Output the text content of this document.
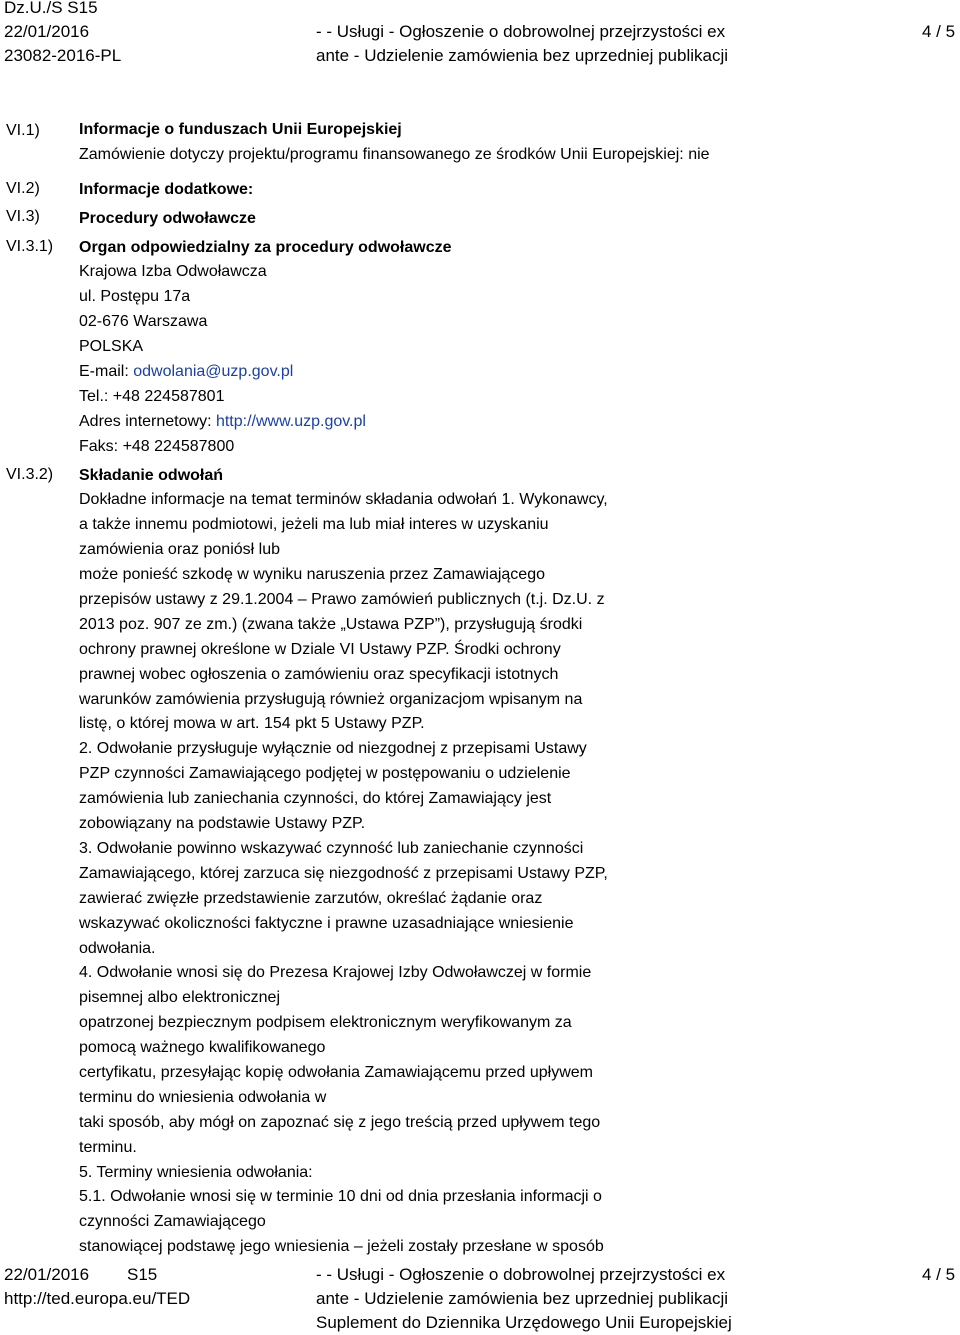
Dz.U./S S15
22/01/2016
23082-2016-PL
- - Usługi - Ogłoszenie o dobrowolnej przejrzystości ex
ante - Udzielenie zamówienia bez uprzedniej publikacji
4 / 5
VI.1)
VI.2)
VI.3)
VI.3.1)
VI.3.2)
Informacje o funduszach Unii Europejskiej
Zamówienie dotyczy projektu/programu finansowanego ze środków Unii Europejskiej: nie
Informacje dodatkowe:
Procedury odwoławcze
Organ odpowiedzialny za procedury odwoławcze
Krajowa Izba Odwoławcza
ul. Postępu 17a
02-676 Warszawa
POLSKA
E-mail: odwolania@uzp.gov.pl
Tel.: +48 224587801
Adres internetowy: http://www.uzp.gov.pl
Faks: +48 224587800
Składanie odwołań
Dokładne informacje na temat terminów składania odwołań 1. Wykonawcy,
a także innemu podmiotowi, jeżeli ma lub miał interes w uzyskaniu
zamówienia oraz poniósł lub
może ponieść szkodę w wyniku naruszenia przez Zamawiającego
przepisów ustawy z 29.1.2004 – Prawo zamówień publicznych (t.j. Dz.U. z
2013 poz. 907 ze zm.) (zwana także „Ustawa PZP”), przysługują środki
ochrony prawnej określone w Dziale VI Ustawy PZP. Środki ochrony
prawnej wobec ogłoszenia o zamówieniu oraz specyfikacji istotnych
warunków zamówienia przysługują również organizacjom wpisanym na
listę, o której mowa w art. 154 pkt 5 Ustawy PZP.
2. Odwołanie przysługuje wyłącznie od niezgodnej z przepisami Ustawy
PZP czynności Zamawiającego podjętej w postępowaniu o udzielenie
zamówienia lub zaniechania czynności, do której Zamawiający jest
zobowiązany na podstawie Ustawy PZP.
3. Odwołanie powinno wskazywać czynność lub zaniechanie czynności
Zamawiającego, której zarzuca się niezgodność z przepisami Ustawy PZP,
zawierać zwięzłe przedstawienie zarzutów, określać żądanie oraz
wskazywać okoliczności faktyczne i prawne uzasadniające wniesienie
odwołania.
4. Odwołanie wnosi się do Prezesa Krajowej Izby Odwoławczej w formie
pisemnej albo elektronicznej
opatrzonej bezpiecznym podpisem elektronicznym weryfikowanym za
pomocą ważnego kwalifikowanego
certyfikatu, przesyłając kopię odwołania Zamawiającemu przed upływem
terminu do wniesienia odwołania w
taki sposób, aby mógł on zapoznać się z jego treścią przed upływem tego
terminu.
5. Terminy wniesienia odwołania:
5.1. Odwołanie wnosi się w terminie 10 dni od dnia przesłania informacji o
czynności Zamawiającego
stanowiącej podstawę jego wniesienia – jeżeli zostały przesłane w sposób
22/01/2016 S15
http://ted.europa.eu/TED
- - Usługi - Ogłoszenie o dobrowolnej przejrzystości ex
ante - Udzielenie zamówienia bez uprzedniej publikacji
Suplement do Dziennika Urzędowego Unii Europejskiej
4 / 5
